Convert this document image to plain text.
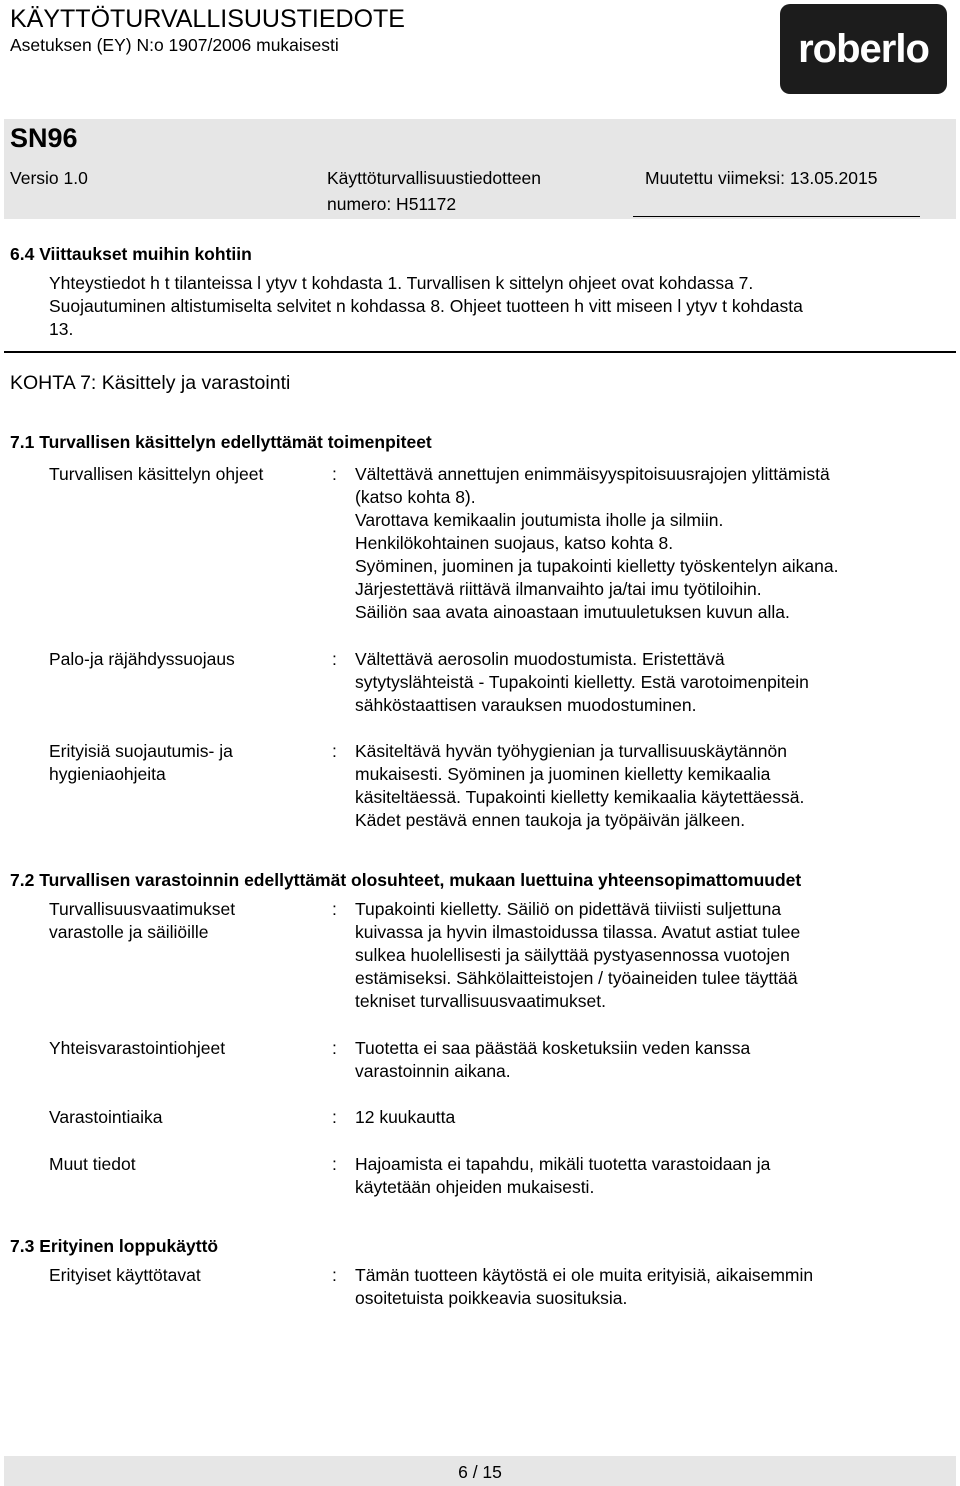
KÄYTTÖTURVALLISUUSTIEDOTE
Asetuksen (EY) N:o 1907/2006 mukaisesti	roberlo
SN96
Versio 1.0	Käyttöturvallisuustiedotteen
numero: H51172
Muutettu viimeksi: 13.05.2015
6.4 Viittaukset muihin kohtiin
Yhteystiedot h t tilanteissa l ytyv t kohdasta 1. Turvallisen k sittelyn ohjeet ovat kohdassa 7.
Suojautuminen altistumiselta selvitet n kohdassa 8. Ohjeet tuotteen h vitt miseen l ytyv t kohdasta
13.
KOHTA 7: Käsittely ja varastointi
7.1 Turvallisen käsittelyn edellyttämät toimenpiteet
Turvallisen käsittelyn ohjeet	: Vältettävä annettujen enimmäisyyspitoisuusrajojen ylittämistä
(katso kohta 8).
Varottava kemikaalin joutumista iholle ja silmiin.
Henkilökohtainen suojaus, katso kohta 8.
Syöminen, juominen ja tupakointi kielletty työskentelyn aikana.
Järjestettävä riittävä ilmanvaihto ja/tai imu työtiloihin.
Säiliön saa avata ainoastaan imutuuletuksen kuvun alla.
Palo-ja räjähdyssuojaus	: Vältettävä aerosolin muodostumista. Eristettävä
sytytyslähteistä - Tupakointi kielletty. Estä varotoimenpitein
sähköstaattisen varauksen muodostuminen.
Erityisiä suojautumis- ja
hygieniaohjeita
: Käsiteltävä hyvän työhygienian ja turvallisuuskäytännön
mukaisesti. Syöminen ja juominen kielletty kemikaalia
käsiteltäessä. Tupakointi kielletty kemikaalia käytettäessä.
Kädet pestävä ennen taukoja ja työpäivän jälkeen.
7.2 Turvallisen varastoinnin edellyttämät olosuhteet, mukaan luettuina yhteensopimattomuudet
Turvallisuusvaatimukset
varastolle ja säiliöille
: Tupakointi kielletty. Säiliö on pidettävä tiiviisti suljettuna
kuivassa ja hyvin ilmastoidussa tilassa. Avatut astiat tulee
sulkea huolellisesti ja säilyttää pystyasennossa vuotojen
estämiseksi. Sähkölaitteistojen / työaineiden tulee täyttää
tekniset turvallisuusvaatimukset.
Yhteisvarastointiohjeet	: Tuotetta ei saa päästää kosketuksiin veden kanssa
varastoinnin aikana.
Varastointiaika	: 12 kuukautta
Muut tiedot	: Hajoamista ei tapahdu, mikäli tuotetta varastoidaan ja
käytetään ohjeiden mukaisesti.
7.3 Erityinen loppukäyttö
Erityiset käyttötavat	: Tämän tuotteen käytöstä ei ole muita erityisiä, aikaisemmin
osoitetuista poikkeavia suosituksia.
6 / 15
